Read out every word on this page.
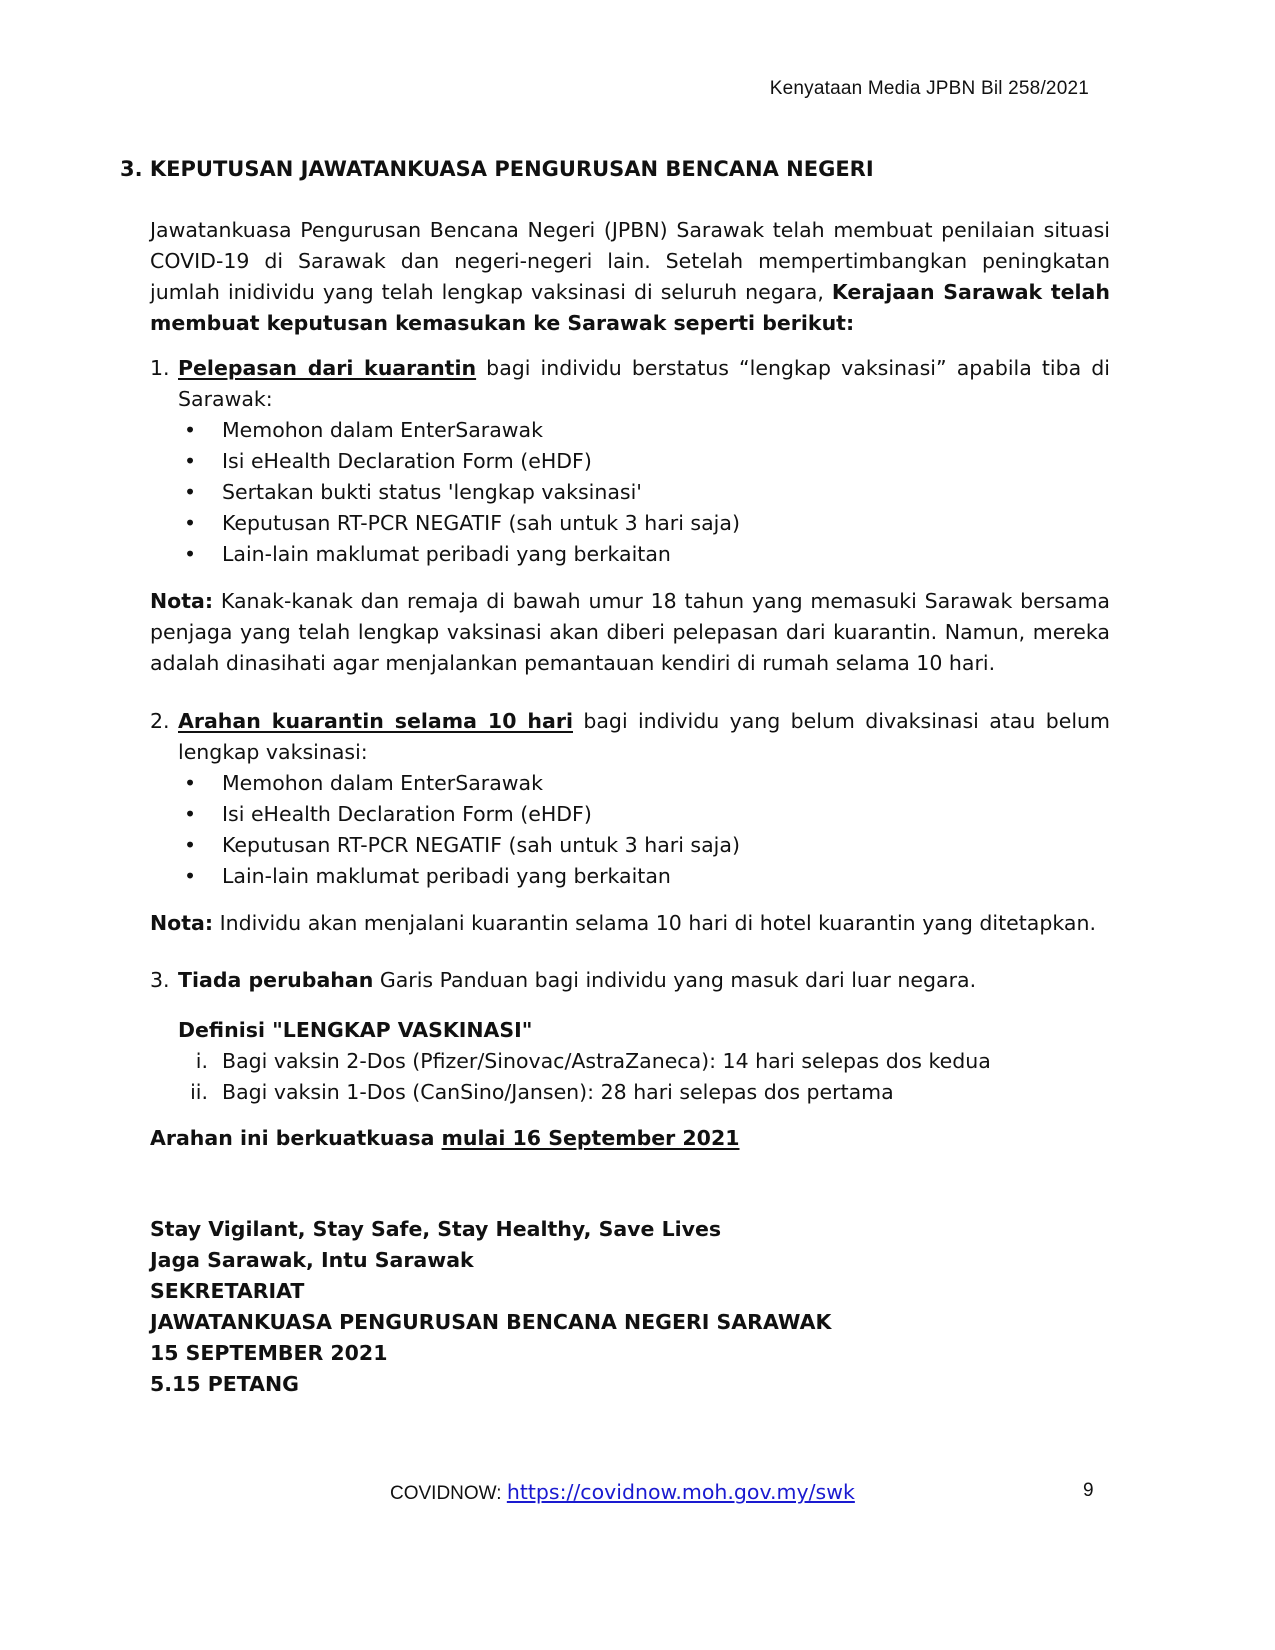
Kenyataan Media JPBN Bil 258/2021
3. KEPUTUSAN JAWATANKUASA PENGURUSAN BENCANA NEGERI
Jawatankuasa Pengurusan Bencana Negeri (JPBN) Sarawak telah membuat penilaian situasi COVID-19 di Sarawak dan negeri-negeri lain. Setelah mempertimbangkan peningkatan jumlah inidividu yang telah lengkap vaksinasi di seluruh negara, Kerajaan Sarawak telah membuat keputusan kemasukan ke Sarawak seperti berikut:
1. Pelepasan dari kuarantin bagi individu berstatus “lengkap vaksinasi” apabila tiba di Sarawak:
• Memohon dalam EnterSarawak
• Isi eHealth Declaration Form (eHDF)
• Sertakan bukti status 'lengkap vaksinasi'
• Keputusan RT-PCR NEGATIF (sah untuk 3 hari saja)
• Lain-lain maklumat peribadi yang berkaitan
Nota: Kanak-kanak dan remaja di bawah umur 18 tahun yang memasuki Sarawak bersama penjaga yang telah lengkap vaksinasi akan diberi pelepasan dari kuarantin. Namun, mereka adalah dinasihati agar menjalankan pemantauan kendiri di rumah selama 10 hari.
2. Arahan kuarantin selama 10 hari bagi individu yang belum divaksinasi atau belum lengkap vaksinasi:
• Memohon dalam EnterSarawak
• Isi eHealth Declaration Form (eHDF)
• Keputusan RT-PCR NEGATIF (sah untuk 3 hari saja)
• Lain-lain maklumat peribadi yang berkaitan
Nota: Individu akan menjalani kuarantin selama 10 hari di hotel kuarantin yang ditetapkan.
3. Tiada perubahan Garis Panduan bagi individu yang masuk dari luar negara.
Definisi "LENGKAP VASKINASI"
i. Bagi vaksin 2-Dos (Pfizer/Sinovac/AstraZaneca): 14 hari selepas dos kedua
ii. Bagi vaksin 1-Dos (CanSino/Jansen): 28 hari selepas dos pertama
Arahan ini berkuatkuasa mulai 16 September 2021
Stay Vigilant, Stay Safe, Stay Healthy, Save Lives
Jaga Sarawak, Intu Sarawak
SEKRETARIAT
JAWATANKUASA PENGURUSAN BENCANA NEGERI SARAWAK
15 SEPTEMBER 2021
5.15 PETANG
COVIDNOW: https://covidnow.moh.gov.my/swk	9
